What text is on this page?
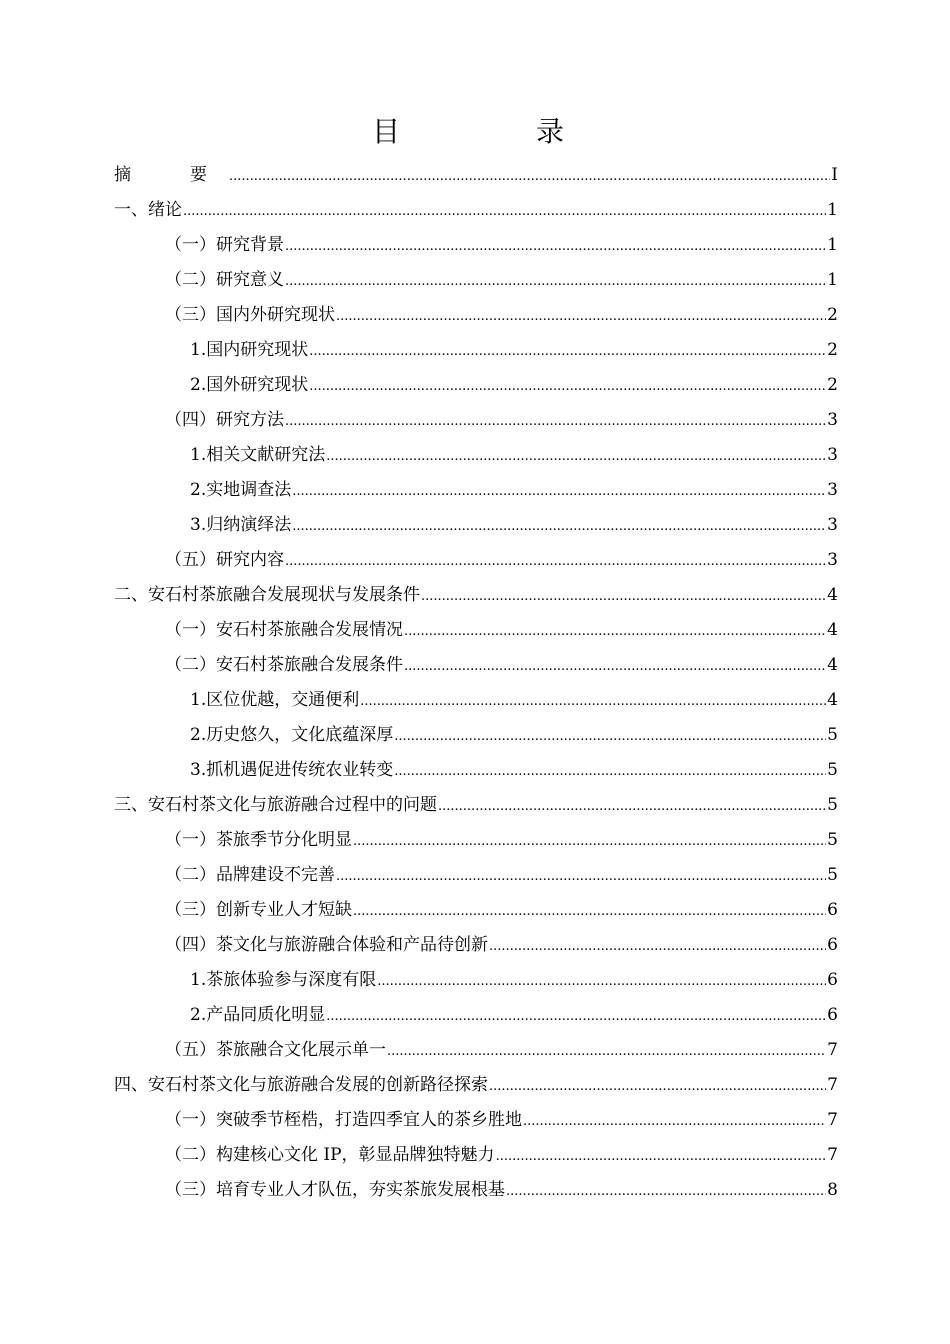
目　录
摘　要 .....	I
一、绪论 .....	1
（一）研究背景 .....	1
（二）研究意义 .....	1
（三）国内外研究现状 .....	2
1.国内研究现状 .....	2
2.国外研究现状 .....	2
（四）研究方法 .....	3
1.相关文献研究法 .....	3
2.实地调查法 .....	3
3.归纳演绎法 .....	3
（五）研究内容 .....	3
二、安石村茶旅融合发展现状与发展条件 .....	4
（一）安石村茶旅融合发展情况 .....	4
（二）安石村茶旅融合发展条件 .....	4
1.区位优越，交通便利 .....	4
2.历史悠久，文化底蕴深厚 .....	5
3.抓机遇促进传统农业转变 .....	5
三、安石村茶文化与旅游融合过程中的问题 .....	5
（一）茶旅季节分化明显 .....	5
（二）品牌建设不完善 .....	5
（三）创新专业人才短缺 .....	6
（四）茶文化与旅游融合体验和产品待创新 .....	6
1.茶旅体验参与深度有限 .....	6
2.产品同质化明显 .....	6
（五）茶旅融合文化展示单一 .....	7
四、安石村茶文化与旅游融合发展的创新路径探索 .....	7
（一）突破季节桎梏，打造四季宜人的茶乡胜地 .....	7
（二）构建核心文化 IP，彰显品牌独特魅力 .....	7
（三）培育专业人才队伍，夯实茶旅发展根基 .....	8
